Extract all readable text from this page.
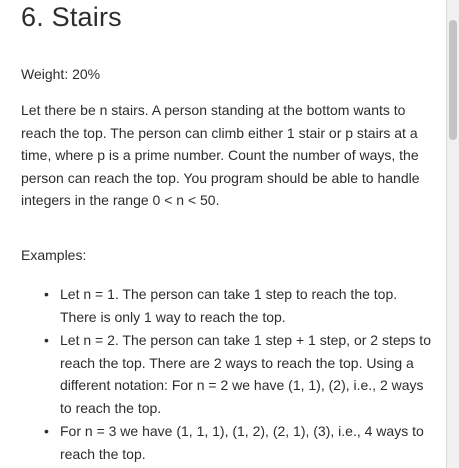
6. Stairs

Weight: 20%

Let there be n stairs. A person standing at the bottom wants to reach the top. The person can climb either 1 stair or p stairs at a time, where p is a prime number. Count the number of ways, the person can reach the top. You program should be able to handle integers in the range 0 < n < 50.

Examples:

• Let n = 1. The person can take 1 step to reach the top. There is only 1 way to reach the top.
• Let n = 2. The person can take 1 step + 1 step, or 2 steps to reach the top. There are 2 ways to reach the top. Using a different notation: For n = 2 we have (1, 1), (2), i.e., 2 ways to reach the top.
• For n = 3 we have (1, 1, 1), (1, 2), (2, 1), (3), i.e., 4 ways to reach the top.
